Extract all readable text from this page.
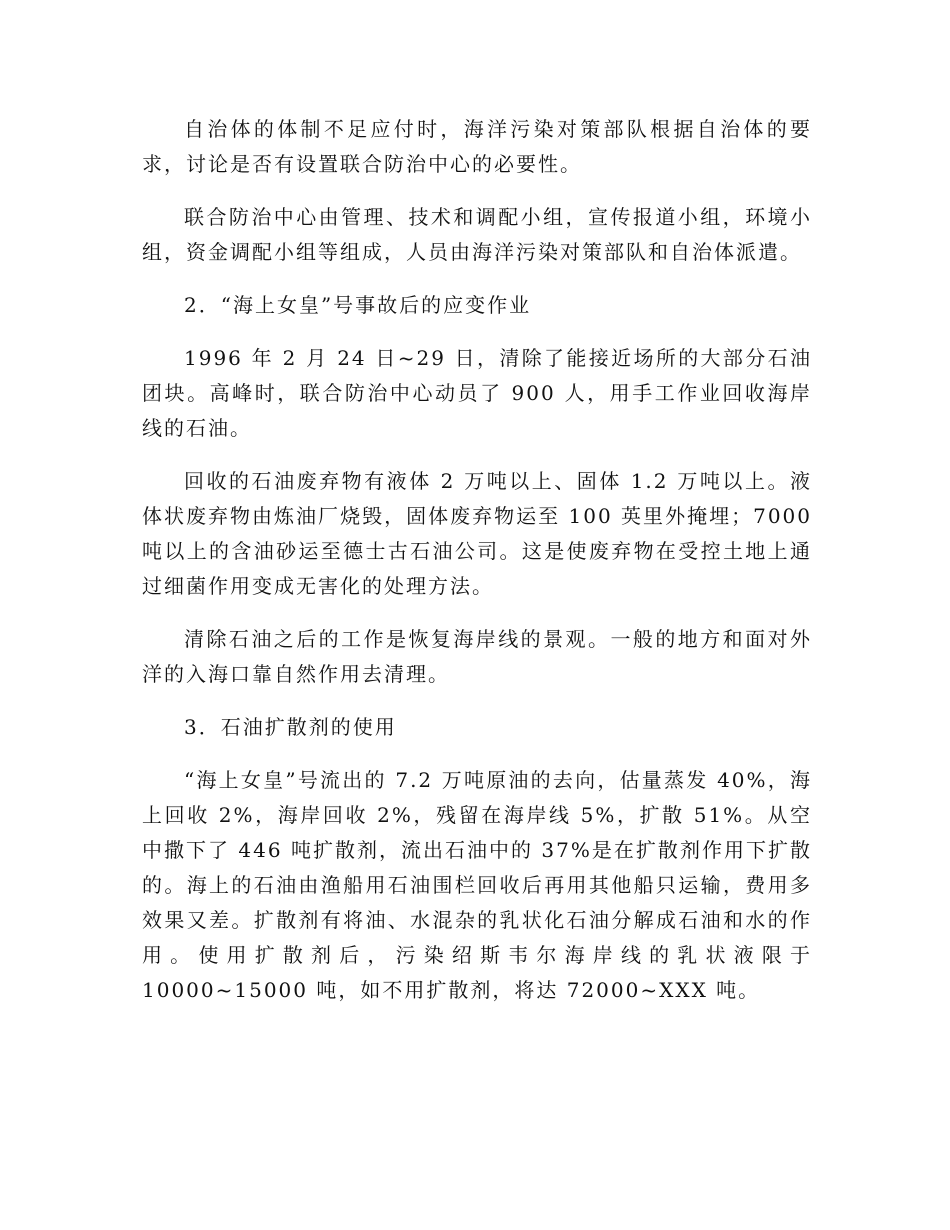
自治体的体制不足应付时，海洋污染对策部队根据自治体的要求，讨论是否有设置联合防治中心的必要性。

联合防治中心由管理、技术和调配小组，宣传报道小组，环境小组，资金调配小组等组成，人员由海洋污染对策部队和自治体派遣。

2．“海上女皇”号事故后的应变作业

1996 年 2 月 24 日~29 日，清除了能接近场所的大部分石油团块。高峰时，联合防治中心动员了 900 人，用手工作业回收海岸线的石油。

回收的石油废弃物有液体 2 万吨以上、固体 1.2 万吨以上。液体状废弃物由炼油厂烧毁，固体废弃物运至 100 英里外掩埋；7000 吨以上的含油砂运至德士古石油公司。这是使废弃物在受控土地上通过细菌作用变成无害化的处理方法。

清除石油之后的工作是恢复海岸线的景观。一般的地方和面对外洋的入海口靠自然作用去清理。

3．石油扩散剂的使用

“海上女皇”号流出的 7.2 万吨原油的去向，估量蒸发 40%，海上回收 2%，海岸回收 2%，残留在海岸线 5%，扩散 51%。从空中撒下了 446 吨扩散剂，流出石油中的 37%是在扩散剂作用下扩散的。海上的石油由渔船用石油围栏回收后再用其他船只运输，费用多效果又差。扩散剂有将油、水混杂的乳状化石油分解成石油和水的作用。使用扩散剂后，污染绍斯韦尔海岸线的乳状液限于 10000~15000 吨，如不用扩散剂，将达 72000~XXX 吨。
